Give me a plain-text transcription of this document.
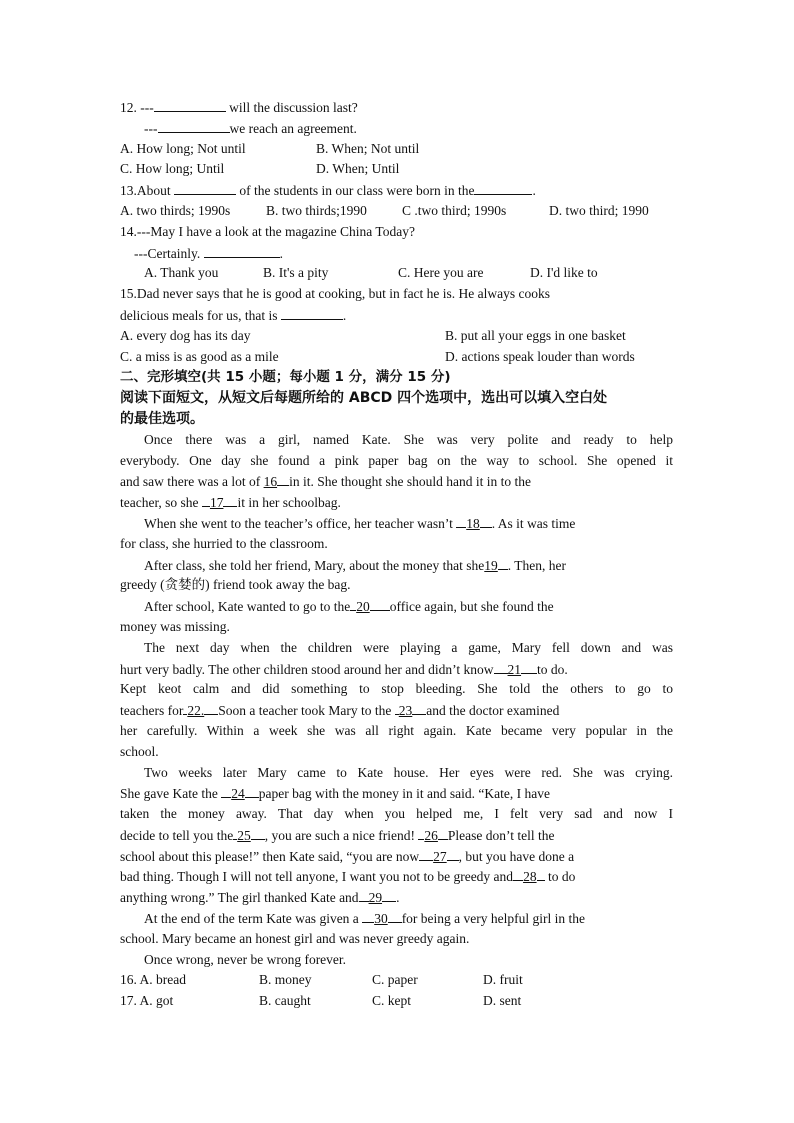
12. ---	will the discussion last?
---	we reach an agreement.
A. How long; Not until	B. When; Not until
C. How long; Until	D. When; Until
13.About	of the students in our class were born in the	.
A. two thirds; 1990s	B. two thirds;1990	C .two third; 1990s	D. two third; 1990
14.---May I have a look at the magazine China Today?
---Certainly.	.
A. Thank you	B. It's a pity	C. Here you are	D. I'd like to
15.Dad never says that he is good at cooking, but in fact he is. He always cooks
delicious meals for us, that is	.
A. every dog has its day	B. put all your eggs in one basket
C. a miss is as good as a mile	D. actions speak louder than words
二、完形填空(共 15 小题；每小题 1 分，满分 15 分)
阅读下面短文，从短文后每题所给的 ABCD 四个选项中，选出可以填入空白处
的最佳选项。
Once there was a girl, named Kate. She was very polite and ready to help
everybody. One day she found a pink paper bag on the way to school. She opened it
and saw there was a lot of 16 in it. She thought she should hand it in to the
teacher, so she 17 it in her schoolbag.
When she went to the teacher’s office, her teacher wasn’t 18 . As it was time
for class, she hurried to the classroom.
After class, she told her friend, Mary, about the money that she19 . Then, her
greedy (贪婪的) friend took away the bag.
After school, Kate wanted to go to the 20 office again, but she found the
money was missing.
The next day when the children were playing a game, Mary fell down and was
hurt very badly. The other children stood around her and didn’t know 21 to do.
Kept keot calm and did something to stop bleeding. She told the others to go to
teachers for 22. Soon a teacher took Mary to the 23 and the doctor examined
her carefully. Within a week she was all right again. Kate became very popular in the
school.
Two weeks later Mary came to Kate house. Her eyes were red. She was crying.
She gave Kate the 24 paper bag with the money in it and said. “Kate, I have
taken the money away. That day when you helped me, I felt very sad and now I
decide to tell you the 25 , you are such a nice friend! 26 Please don’t tell the
school about this please!” then Kate said, “you are now 27 , but you have done a
bad thing. Though I will not tell anyone, I want you not to be greedy and 28 to do
anything wrong.” The girl thanked Kate and 29 .
At the end of the term Kate was given a 30 for being a very helpful girl in the
school. Mary became an honest girl and was never greedy again.
Once wrong, never be wrong forever.
16. A. bread	B. money	C. paper	D. fruit
17. A. got	B. caught	C. kept	D. sent
